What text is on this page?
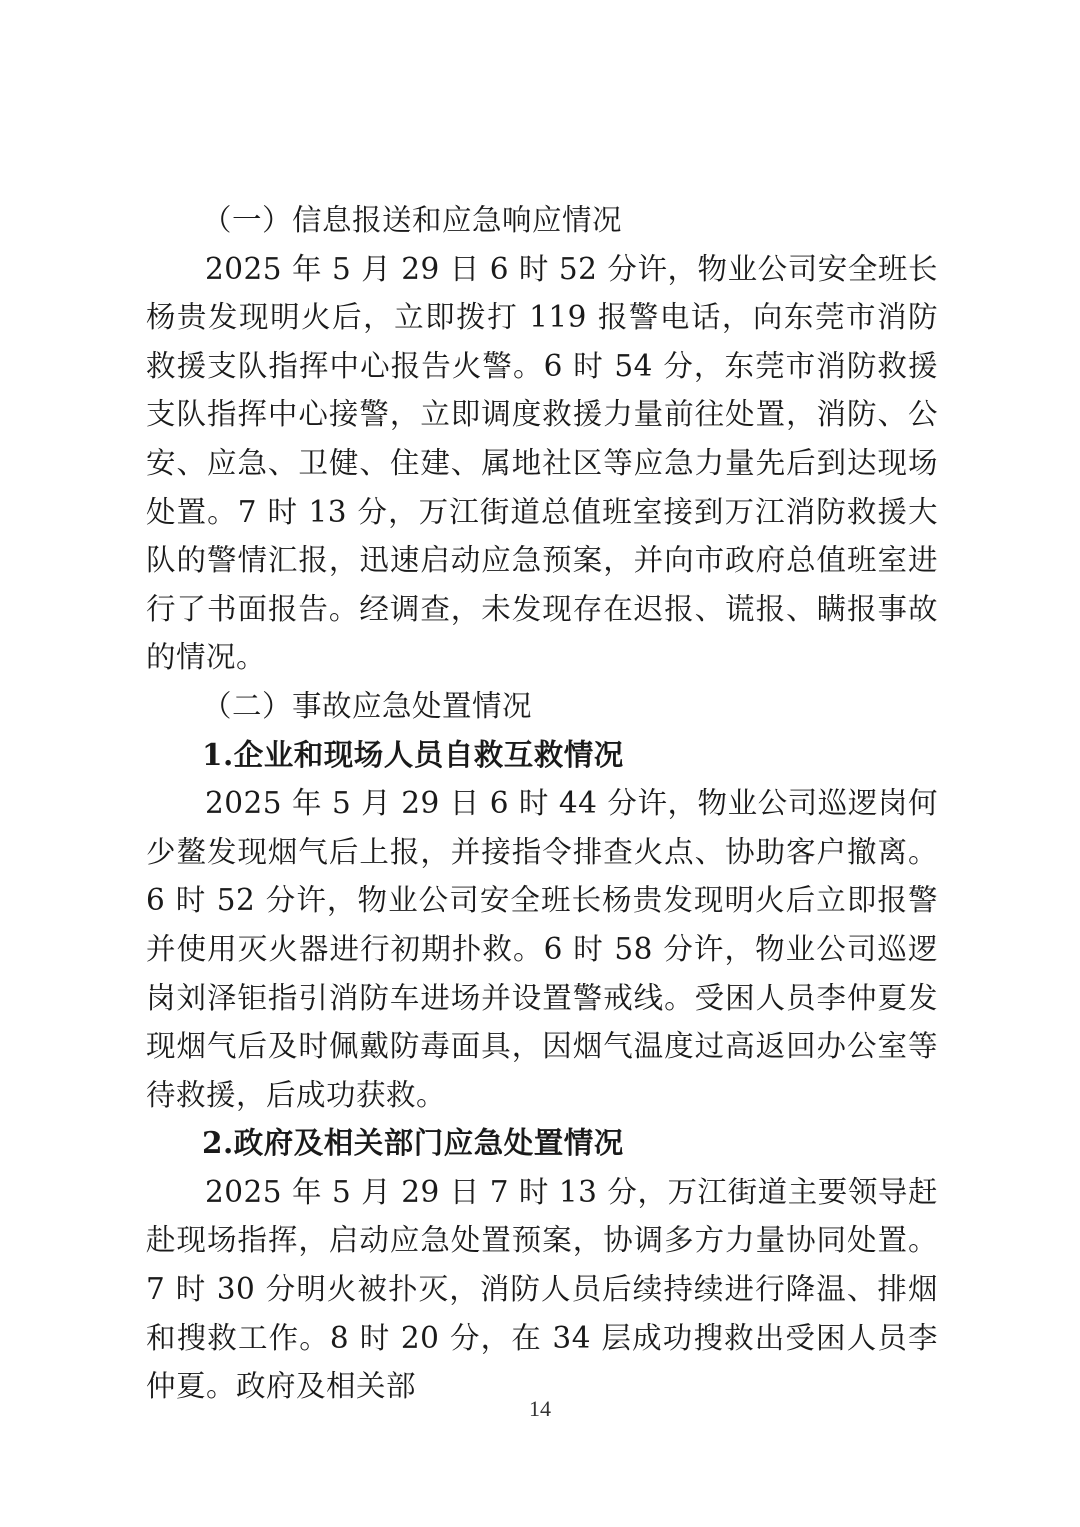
（一）信息报送和应急响应情况

2025 年 5 月 29 日 6 时 52 分许，物业公司安全班长杨贵发现明火后，立即拨打 119 报警电话，向东莞市消防救援支队指挥中心报告火警。6 时 54 分，东莞市消防救援支队指挥中心接警，立即调度救援力量前往处置，消防、公安、应急、卫健、住建、属地社区等应急力量先后到达现场处置。7 时 13 分，万江街道总值班室接到万江消防救援大队的警情汇报，迅速启动应急预案，并向市政府总值班室进行了书面报告。经调查，未发现存在迟报、谎报、瞒报事故的情况。

（二）事故应急处置情况

1.企业和现场人员自救互救情况

2025 年 5 月 29 日 6 时 44 分许，物业公司巡逻岗何少鳌发现烟气后上报，并接指令排查火点、协助客户撤离。6 时 52 分许，物业公司安全班长杨贵发现明火后立即报警并使用灭火器进行初期扑救。6 时 58 分许，物业公司巡逻岗刘泽钜指引消防车进场并设置警戒线。受困人员李仲夏发现烟气后及时佩戴防毒面具，因烟气温度过高返回办公室等待救援，后成功获救。

2.政府及相关部门应急处置情况

2025 年 5 月 29 日 7 时 13 分，万江街道主要领导赶赴现场指挥，启动应急处置预案，协调多方力量协同处置。7 时 30 分明火被扑灭，消防人员后续持续进行降温、排烟和搜救工作。8 时 20 分，在 34 层成功搜救出受困人员李仲夏。政府及相关部

14
